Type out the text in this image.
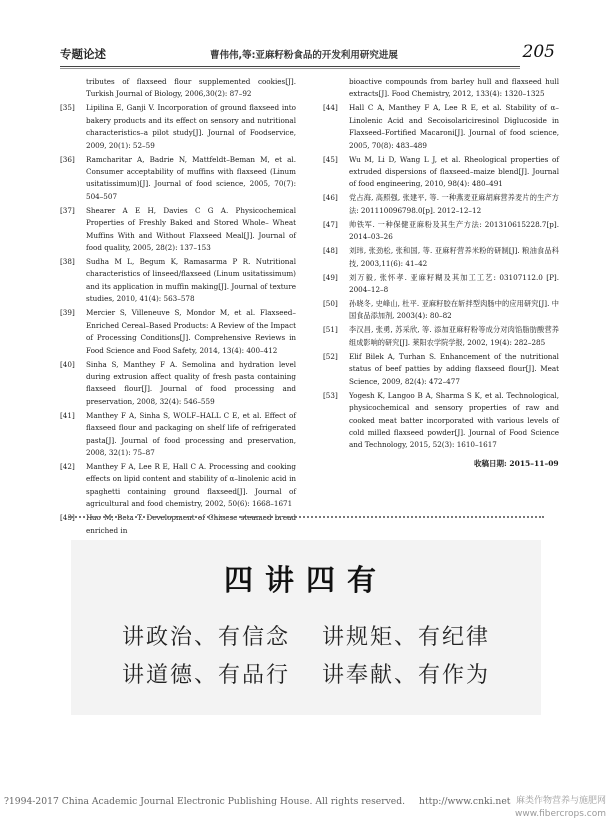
专题论述	曹伟伟,等:亚麻籽粉食品的开发利用研究进展	205

tributes of flaxseed flour supplemented cookies[J]. Turkish Journal of Biology, 2006,30(2): 87–92

[35] Lipilina E, Ganji V. Incorporation of ground flaxseed into bakery products and its effect on sensory and nutritional characteristics–a pilot study[J]. Journal of Foodservice, 2009, 20(1): 52–59

[36] Ramcharitar A, Badrie N, Mattfeldt–Beman M, et al. Consumer acceptability of muffins with flaxseed (Linum usitatissimum)[J]. Journal of food science, 2005, 70(7): 504–507

[37] Shearer A E H, Davies C G A. Physicochemical Properties of Freshly Baked and Stored Whole– Wheat Muffins With and Without Flaxseed Meal[J]. Journal of food quality, 2005, 28(2): 137–153

[38] Sudha M L, Begum K, Ramasarma P R. Nutritional characteristics of linseed/flaxseed (Linum usitatissimum) and its application in muffin making[J]. Journal of texture studies, 2010, 41(4): 563–578

[39] Mercier S, Villeneuve S, Mondor M, et al. Flaxseed–Enriched Cereal–Based Products: A Review of the Impact of Processing Conditions[J]. Comprehensive Reviews in Food Science and Food Safety, 2014, 13(4): 400–412

[40] Sinha S, Manthey F A. Semolina and hydration level during extrusion affect quality of fresh pasta containing flaxseed flour[J]. Journal of food processing and preservation, 2008, 32(4): 546–559

[41] Manthey F A, Sinha S, WOLF–HALL C E, et al. Effect of flaxseed flour and packaging on shelf life of refrigerated pasta[J]. Journal of food processing and preservation, 2008, 32(1): 75–87

[42] Manthey F A, Lee R E, Hall C A. Processing and cooking effects on lipid content and stability of α–linolenic acid in spaghetti containing ground flaxseed[J]. Journal of agricultural and food chemistry, 2002, 50(6): 1668–1671

[43] Hao M, Beta T. Development of Chinese steamed bread enriched in

bioactive compounds from barley hull and flaxseed hull extracts[J]. Food Chemistry, 2012, 133(4): 1320–1325

[44] Hall C A, Manthey F A, Lee R E, et al. Stability of α–Linolenic Acid and Secoisolariciresinol Diglucoside in Flaxseed–Fortified Macaroni[J]. Journal of food science, 2005, 70(8): 483–489

[45] Wu M, Li D, Wang L J, et al. Rheological properties of extruded dispersions of flaxseed–maize blend[J]. Journal of food engineering, 2010, 98(4): 480–491

[46] 党占海, 高照强, 张建平, 等. 一种燕麦亚麻胡麻营养麦片的生产方法: 201110096798.0[p]. 2012–12–12

[47] 帅铁军. 一种保健亚麻粉及其生产方法: 201310615228.7[p]. 2014–03–26

[48] 刘玮, 张劲松, 张和国, 等. 亚麻籽营养米粉的研制[J]. 粮油食品科技, 2003,11(6): 41–42

[49] 刘万毅, 张怀孝. 亚麻籽糊及其加工工艺: 03107112.0 [P]. 2004–12–8

[50] 孙晓冬, 史峰山, 杜平. 亚麻籽胶在斩拌型肉肠中的应用研究[J]. 中国食品添加剂, 2003(4): 80–82

[51] 李汉昌, 张勇, 苏采欣, 等. 添加亚麻籽粉等成分对肉馅脂肪酸营养组成影响的研究[J]. 莱阳农学院学报, 2002, 19(4): 282–285

[52] Elif Bilek A, Turhan S. Enhancement of the nutritional status of beef patties by adding flaxseed flour[J]. Meat Science, 2009, 82(4): 472–477

[53] Yogesh K, Langoo B A, Sharma S K, et al. Technological, physicochemical and sensory properties of raw and cooked meat batter incorporated with various levels of cold milled flaxseed powder[J]. Journal of Food Science and Technology, 2015, 52(3): 1610–1617

收稿日期: 2015–11–09
四讲四有
讲政治、有信念 讲规矩、有纪律
讲道德、有品行 讲奉献、有作为
?1994-2017 China Academic Journal Electronic Publishing House. All rights reserved. http://www.cnki.net 麻类作物营养与施肥网
www.fibercrops.com
